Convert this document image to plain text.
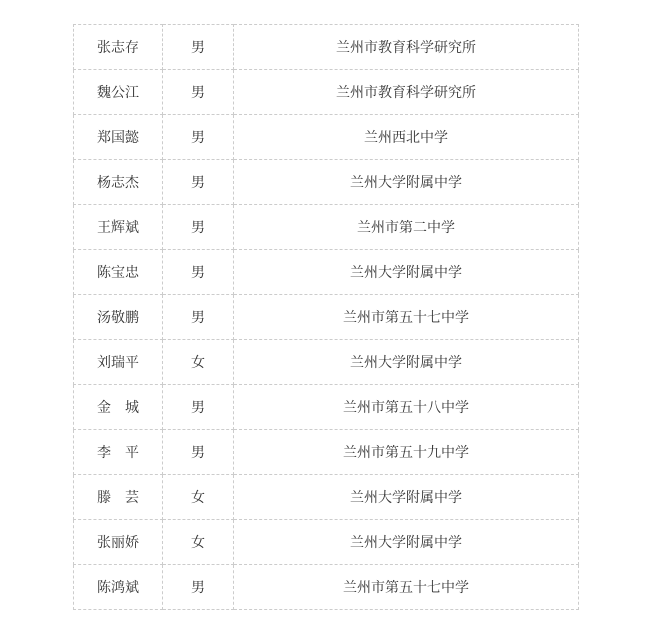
张志存	男	兰州市教育科学研究所
魏公江	男	兰州市教育科学研究所
郑国懿	男	兰州西北中学
杨志杰	男	兰州大学附属中学
王辉斌	男	兰州市第二中学
陈宝忠	男	兰州大学附属中学
汤敬鹏	男	兰州市第五十七中学
刘瑞平	女	兰州大学附属中学
金　城	男	兰州市第五十八中学
李　平	男	兰州市第五十九中学
滕　芸	女	兰州大学附属中学
张丽娇	女	兰州大学附属中学
陈鸿斌	男	兰州市第五十七中学
